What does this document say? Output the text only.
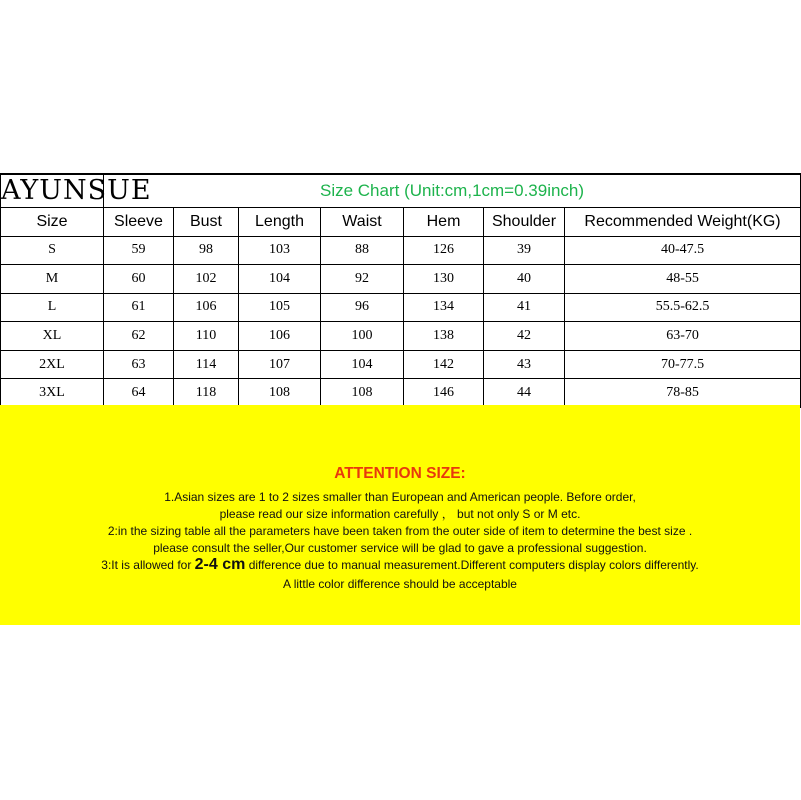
AYUNSUE	Size Chart (Unit:cm,1cm=0.39inch)						
Size	Sleeve	Bust	Length	Waist	Hem	Shoulder	Recommended Weight(KG)
S	59	98	103	88	126	39	40-47.5
M	60	102	104	92	130	40	48-55
L	61	106	105	96	134	41	55.5-62.5
XL	62	110	106	100	138	42	63-70
2XL	63	114	107	104	142	43	70-77.5
3XL	64	118	108	108	146	44	78-85
ATTENTION SIZE:
1.Asian sizes are 1 to 2 sizes smaller than European and American people. Before order,
please read our size information carefully ， but not only S or M etc.
2:in the sizing table all the parameters have been taken from the outer side of item to determine the best size .
please consult the seller,Our customer service will be glad to gave a professional suggestion.
3:It is allowed for 2-4 cm difference due to manual measurement.Different computers display colors differently.
A little color difference should be acceptable
